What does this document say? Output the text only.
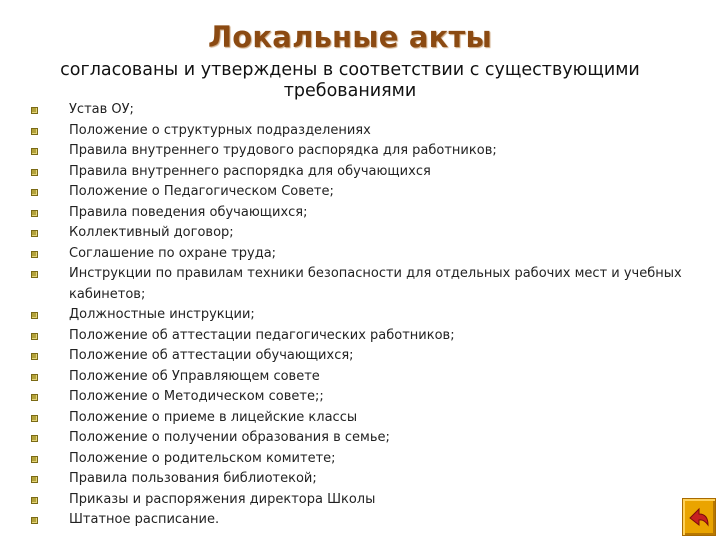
Локальные акты
согласованы и утверждены в соответствии с существующими
требованиями
Устав ОУ;
Положение о структурных подразделениях
Правила внутреннего трудового распорядка для работников;
Правила внутреннего распорядка для обучающихся
Положение о Педагогическом Совете;
Правила поведения обучающихся;
Коллективный договор;
Соглашение по охране труда;
Инструкции по правилам техники безопасности для отдельных рабочих мест и учебных кабинетов;
Должностные инструкции;
Положение об аттестации педагогических работников;
Положение об аттестации обучающихся;
Положение об Управляющем совете
Положение о Методическом совете;;
Положение о приеме в лицейские классы
Положение о получении образования в семье;
Положение о родительском комитете;
Правила пользования библиотекой;
Приказы и распоряжения директора Школы
Штатное расписание.
